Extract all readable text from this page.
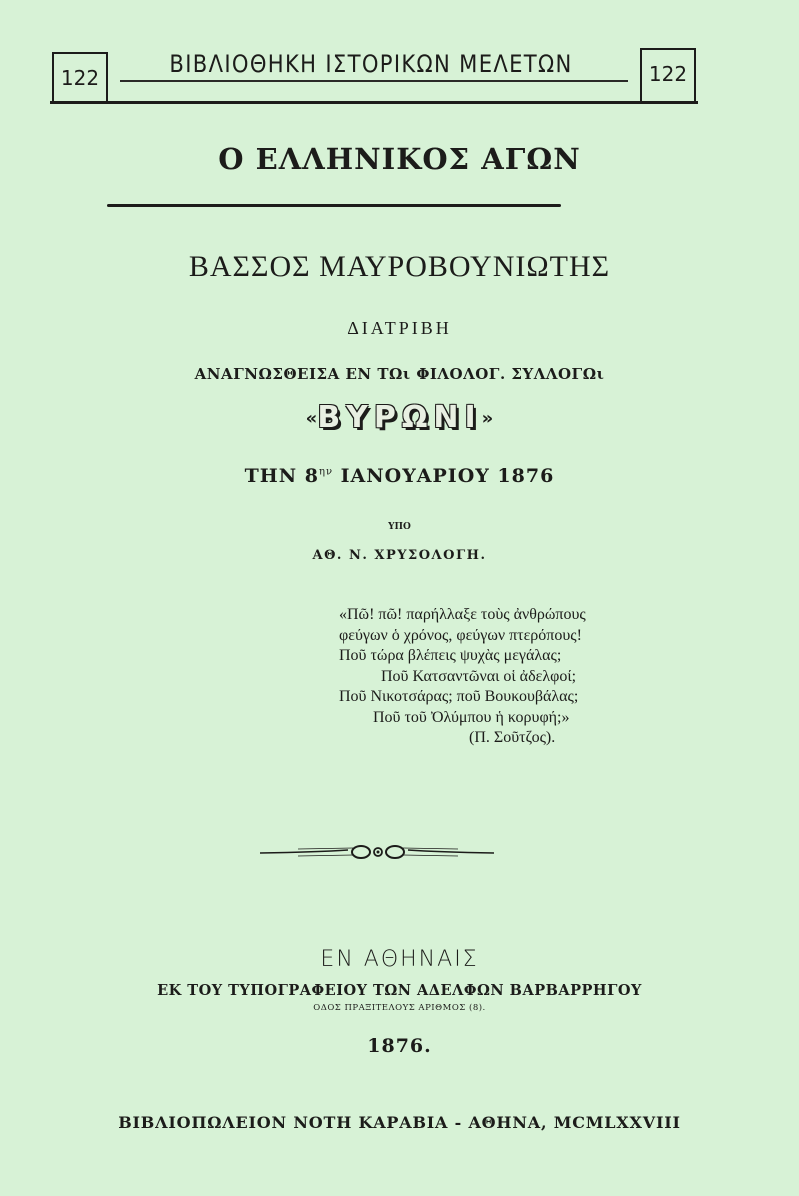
122	ΒΙΒΛΙΟΘΗΚΗ ΙΣΤΟΡΙΚΩΝ ΜΕΛΕΤΩΝ	122
Ο ΕΛΛΗΝΙΚΟΣ ΑΓΩΝ
ΒΑΣΣΟΣ ΜΑΥΡΟΒΟΥΝΙΩΤΗΣ
ΔΙΑΤΡΙΒΗ
ΑΝΑΓΝΩΣΘΕΙΣΑ ΕΝ ΤΩι ΦΙΛΟΛΟΓ. ΣΥΛΛΟΓΩι
«ΒΥΡΩΝΙ»
ΤΗΝ $8^{\eta\nu}$ ΙΑΝΟΥΑΡΙΟΥ 1876
ΥΠΟ
ΑΘ. Ν. ΧΡΥΣΟΛΟΓΗ.
«Πῶ! πῶ! παρήλλαξε τοὺς ἀνθρώπους
φεύγων ὁ χρόνος, φεύγων πτερόπους!
Ποῦ τώρα βλέπεις ψυχὰς μεγάλας;
Ποῦ Κατσαντῶναι οἱ ἀδελφοί;
Ποῦ Νικοτσάρας; ποῦ Βουκουβάλας;
Ποῦ τοῦ Ὀλύμπου ἡ κορυφή;»
(Π. Σοῦτζος).
ΕΝ ΑΘΗΝΑΙΣ
ΕΚ ΤΟΥ ΤΥΠΟΓΡΑΦΕΙΟΥ ΤΩΝ ΑΔΕΛΦΩΝ ΒΑΡΒΑΡΡΗΓΟΥ
ΟΔΟΣ ΠΡΑΞΙΤΕΛΟΥΣ ΑΡΙΘΜΟΣ (8).
1876.
ΒΙΒΛΙΟΠΩΛΕΙΟΝ ΝΟΤΗ ΚΑΡΑΒΙΑ - ΑΘΗΝΑ, MCMLXXVIII
